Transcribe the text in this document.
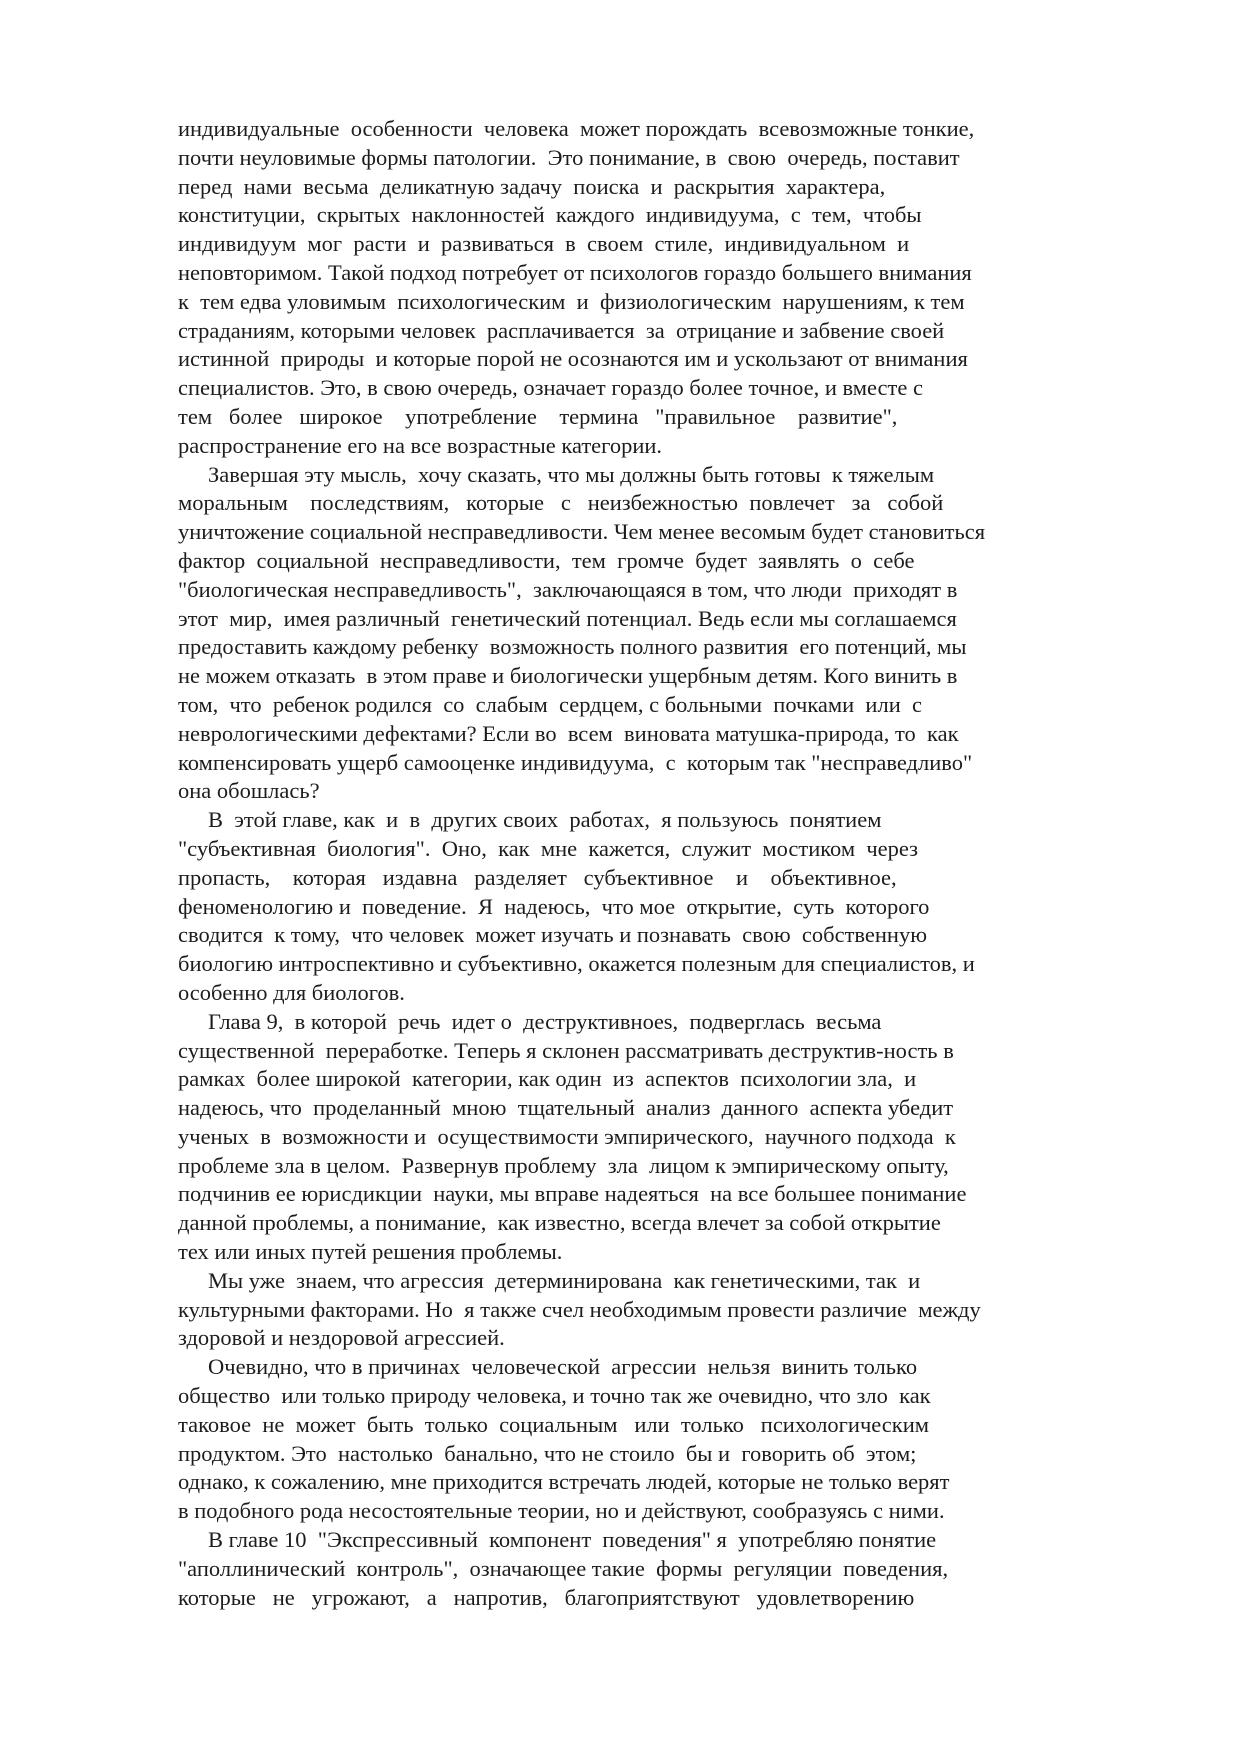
индивидуальные  особенности  человека  может порождать  всевозможные тонкие,
почти неуловимые формы патологии.  Это понимание, в  свою  очередь, поставит
перед  нами  весьма  деликатную задачу  поиска  и  раскрытия  характера,
конституции,  скрытых  наклонностей  каждого  индивидуума,  с  тем,  чтобы
индивидуум  мог  расти  и  развиваться  в  своем  стиле,  индивидуальном  и
неповторимом. Такой подход потребует от психологов гораздо большего внимания
к  тем едва уловимым  психологическим  и  физиологическим  нарушениям, к тем
страданиям, которыми человек  расплачивается  за  отрицание и забвение своей
истинной  природы  и которые порой не осознаются им и ускользают от внимания
специалистов. Это, в свою очередь, означает гораздо более точное, и вместе с
тем   более   широкое    употребление    термина   "правильное    развитие",
распространение его на все возрастные категории.
Завершая эту мысль,  хочу сказать, что мы должны быть готовы  к тяжелым
моральным    последствиям,   которые   с   неизбежностью  повлечет   за   собой
уничтожение социальной несправедливости. Чем менее весомым будет становиться
фактор  социальной  несправедливости,  тем  громче  будет  заявлять  о  себе
"биологическая несправедливость",  заключающаяся в том, что люди  приходят в
этот  мир,  имея различный  генетический потенциал. Ведь если мы соглашаемся
предоставить каждому ребенку  возможность полного развития  его потенций, мы
не можем отказать  в этом праве и биологически ущербным детям. Кого винить в
том,  что  ребенок родился  со  слабым  сердцем, с больными  почками  или  с
неврологическими дефектами? Если во  всем  виновата матушка-природа, то  как
компенсировать ущерб самооценке индивидуума,  с  которым так "несправедливо"
она обошлась?
В  этой главе, как  и  в  других своих  работах,  я пользуюсь  понятием
"субъективная  биология".  Оно,  как  мне  кажется,  служит  мостиком  через
пропасть,    которая   издавна   разделяет   субъективное    и    объективное,
феноменологию и  поведение.  Я  надеюсь,  что мое  открытие,  суть  которого
сводится  к тому,  что человек  может изучать и познавать  свою  собственную
биологию интроспективно и субъективно, окажется полезным для специалистов, и
особенно для биологов.
Глава 9,  в которой  речь  идет о  деструктивноes,  подверглась  весьма
существенной  переработке. Теперь я склонен рассматривать деструктив-ность в
рамках  более широкой  категории, как один  из  аспектов  психологии зла,  и
надеюсь, что  проделанный  мною  тщательный  анализ  данного  аспекта убедит
ученых  в  возможности и  осуществимости эмпирического,  научного подхода  к
проблеме зла в целом.  Развернув проблему  зла  лицом к эмпирическому опыту,
подчинив ее юрисдикции  науки, мы вправе надеяться  на все большее понимание
данной проблемы, а понимание,  как известно, всегда влечет за собой открытие
тех или иных путей решения проблемы.
Мы уже  знаем, что агрессия  детерминирована  как генетическими, так  и
культурными факторами. Но  я также счел необходимым провести различие  между
здоровой и нездоровой агрессией.
Очевидно, что в причинах  человеческой  агрессии  нельзя  винить только
общество  или только природу человека, и точно так же очевидно, что зло  как
таковое  не  может  быть  только  социальным   или  только   психологическим
продуктом. Это  настолько  банально, что не стоило  бы и  говорить об  этом;
однако, к сожалению, мне приходится встречать людей, которые не только верят
в подобного рода несостоятельные теории, но и действуют, сообразуясь с ними.
В главе 10  "Экспрессивный  компонент  поведения" я  употребляю понятие
"аполлинический  контроль",  означающее такие  формы  регуляции  поведения,
которые   не   угрожают,   а   напротив,   благоприятствуют   удовлетворению
